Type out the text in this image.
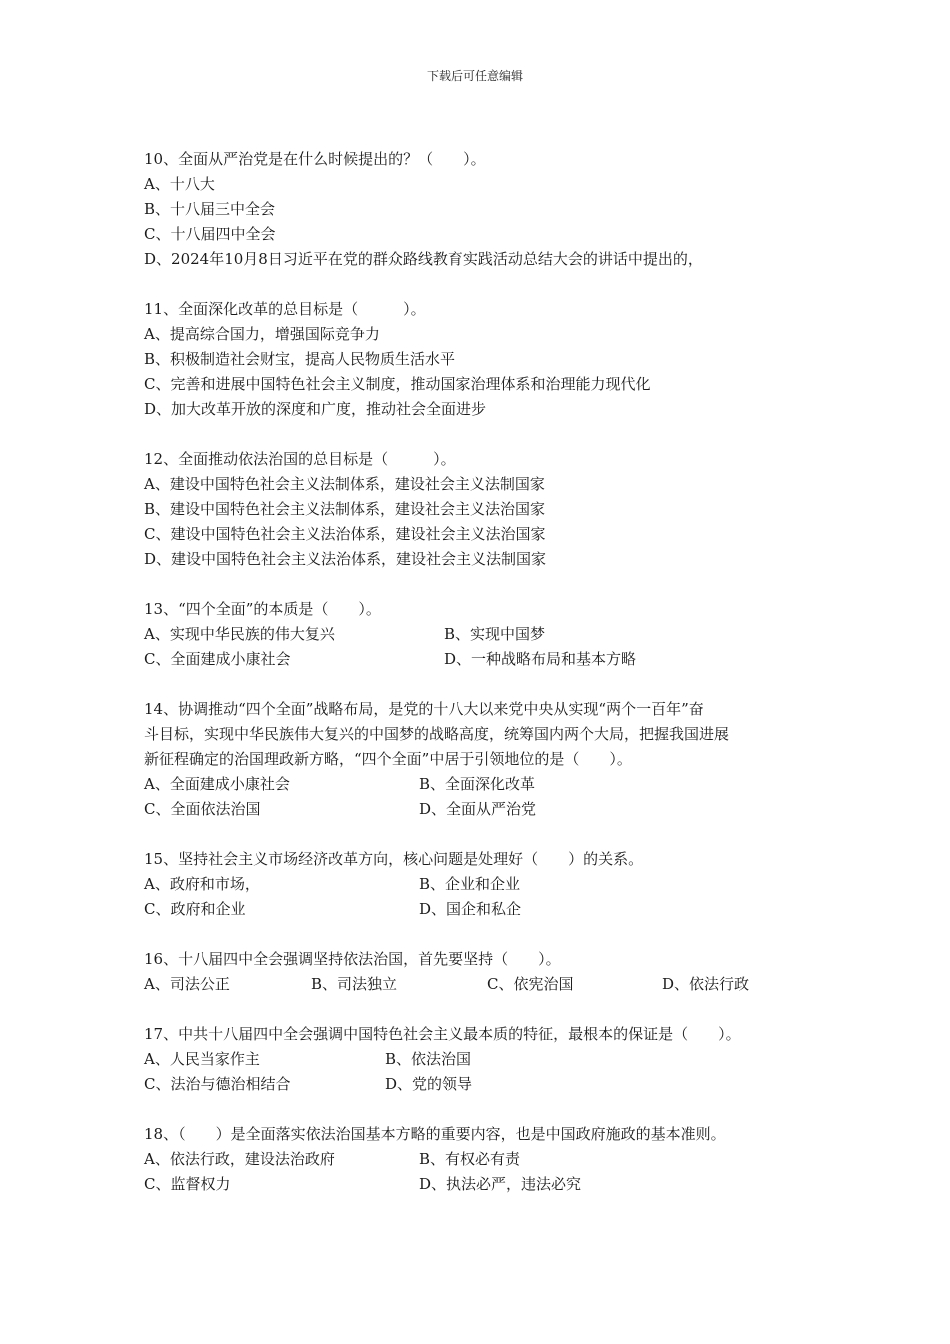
下载后可任意编辑
10、全面从严治党是在什么时候提出的？（　　）。
A、十八大
B、十八届三中全会
C、十八届四中全会
D、2024年10月8日习近平在党的群众路线教育实践活动总结大会的讲话中提出的，
11、全面深化改革的总目标是（　　　）。
A、提高综合国力，增强国际竞争力
B、积极制造社会财宝，提高人民物质生活水平
C、完善和进展中国特色社会主义制度，推动国家治理体系和治理能力现代化
D、加大改革开放的深度和广度，推动社会全面进步
12、全面推动依法治国的总目标是（　　　）。
A、建设中国特色社会主义法制体系，建设社会主义法制国家
B、建设中国特色社会主义法制体系，建设社会主义法治国家
C、建设中国特色社会主义法治体系，建设社会主义法治国家
D、建设中国特色社会主义法治体系，建设社会主义法制国家
13、“四个全面”的本质是（　　）。
A、实现中华民族的伟大复兴	B、实现中国梦
C、全面建成小康社会	D、一种战略布局和基本方略
14、协调推动“四个全面”战略布局，是党的十八大以来党中央从实现“两个一百年”奋
斗目标，实现中华民族伟大复兴的中国梦的战略高度，统筹国内两个大局，把握我国进展
新征程确定的治国理政新方略，“四个全面”中居于引领地位的是（　　）。
A、全面建成小康社会	B、全面深化改革
C、全面依法治国	D、全面从严治党
15、坚持社会主义市场经济改革方向，核心问题是处理好（　　）的关系。
A、政府和市场，	B、企业和企业
C、政府和企业	D、国企和私企
16、十八届四中全会强调坚持依法治国，首先要坚持（　　）。
A、司法公正	B、司法独立	C、依宪治国	D、依法行政
17、中共十八届四中全会强调中国特色社会主义最本质的特征，最根本的保证是（　　）。
A、人民当家作主	B、依法治国
C、法治与德治相结合	D、党的领导
18、（　　）是全面落实依法治国基本方略的重要内容，也是中国政府施政的基本准则。
A、依法行政，建设法治政府	B、有权必有责
C、监督权力	D、执法必严，违法必究
